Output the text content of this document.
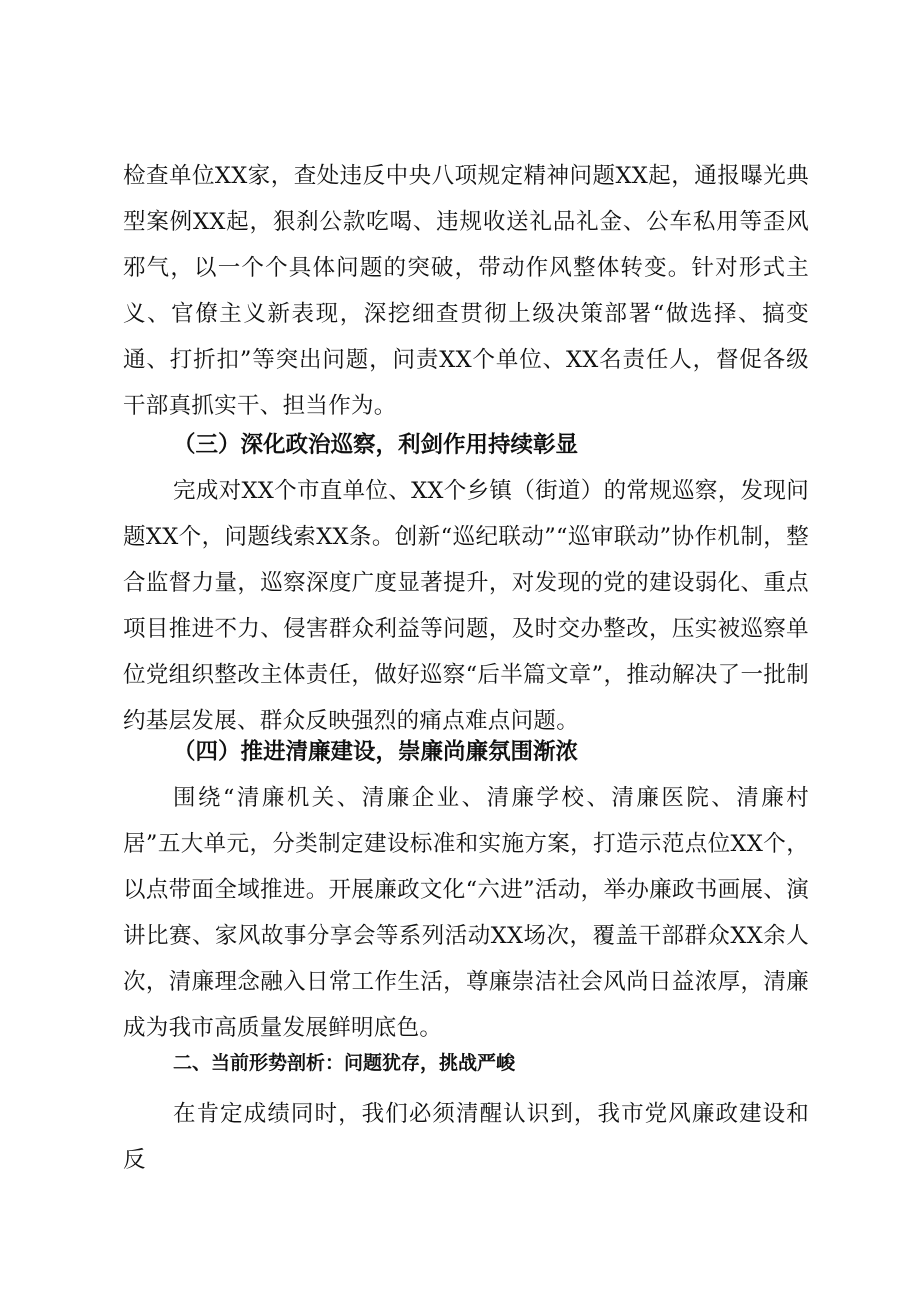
检查单位XX家，查处违反中央八项规定精神问题XX起，通报曝光典型案例XX起，狠刹公款吃喝、违规收送礼品礼金、公车私用等歪风邪气，以一个个具体问题的突破，带动作风整体转变。针对形式主义、官僚主义新表现，深挖细查贯彻上级决策部署“做选择、搞变通、打折扣”等突出问题，问责XX个单位、XX名责任人，督促各级干部真抓实干、担当作为。

（三）深化政治巡察，利剑作用持续彰显

完成对XX个市直单位、XX个乡镇（街道）的常规巡察，发现问题XX个，问题线索XX条。创新“巡纪联动”“巡审联动”协作机制，整合监督力量，巡察深度广度显著提升，对发现的党的建设弱化、重点项目推进不力、侵害群众利益等问题，及时交办整改，压实被巡察单位党组织整改主体责任，做好巡察“后半篇文章”，推动解决了一批制约基层发展、群众反映强烈的痛点难点问题。

（四）推进清廉建设，崇廉尚廉氛围渐浓

围绕“清廉机关、清廉企业、清廉学校、清廉医院、清廉村居”五大单元，分类制定建设标准和实施方案，打造示范点位XX个，以点带面全域推进。开展廉政文化“六进”活动，举办廉政书画展、演讲比赛、家风故事分享会等系列活动XX场次，覆盖干部群众XX余人次，清廉理念融入日常工作生活，尊廉崇洁社会风尚日益浓厚，清廉成为我市高质量发展鲜明底色。

二、当前形势剖析：问题犹存，挑战严峻

在肯定成绩同时，我们必须清醒认识到，我市党风廉政建设和反
